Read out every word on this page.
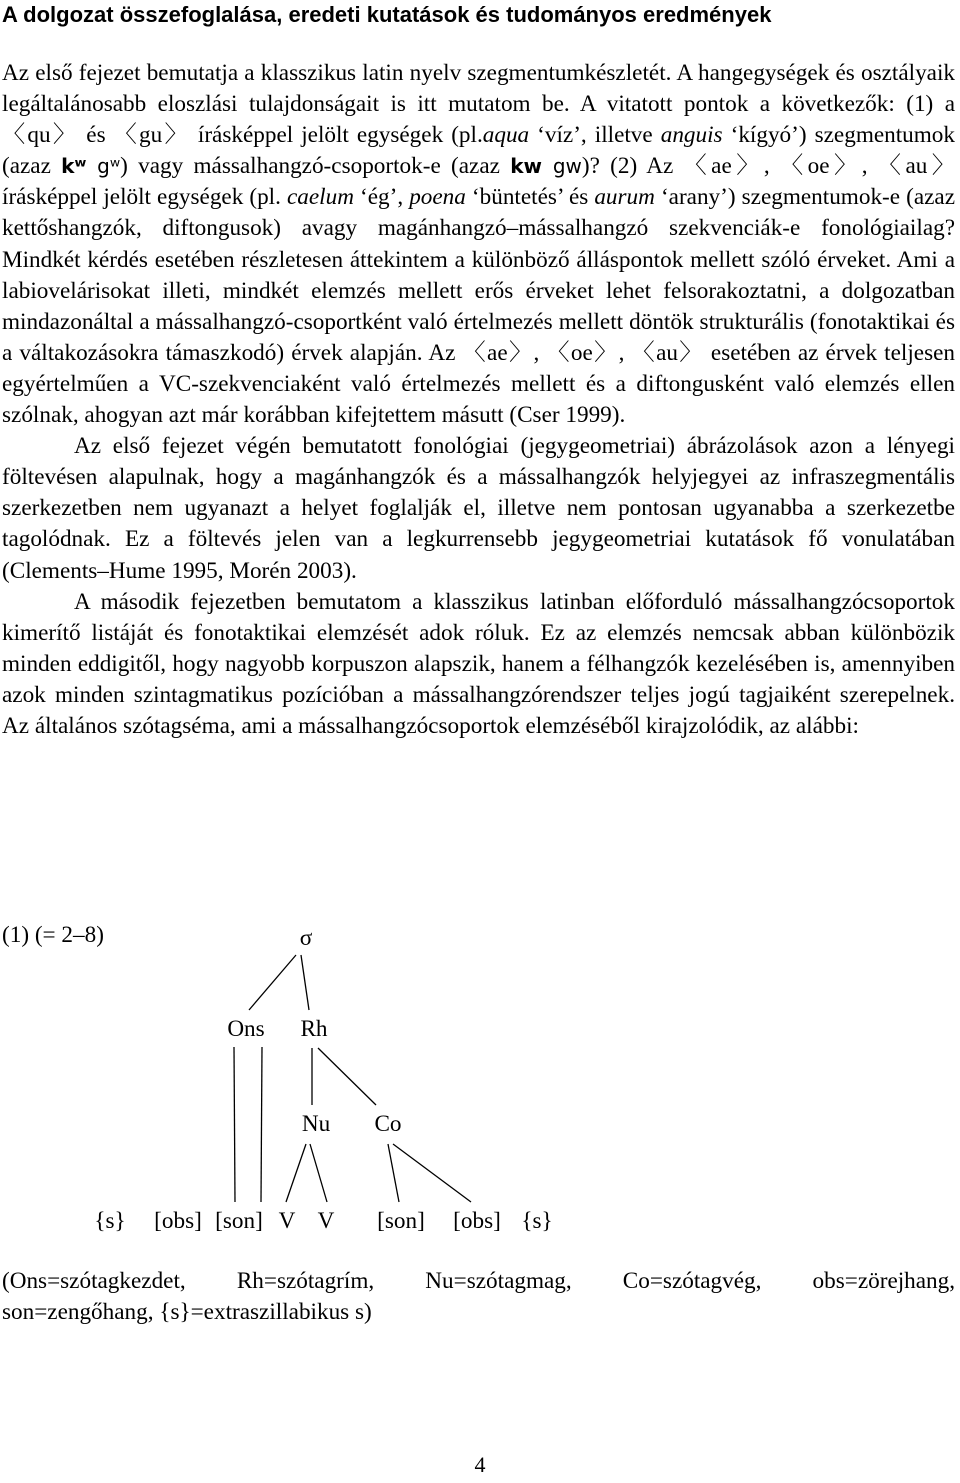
A dolgozat összefoglalása, eredeti kutatások és tudományos eredmények

Az első fejezet bemutatja a klasszikus latin nyelv szegmentumkészletét. A hangegységek és osztályaik legáltalánosabb eloszlási tulajdonságait is itt mutatom be. A vitatott pontok a következők: (1) a 〈qu〉 és 〈gu〉 írásképpel jelölt egységek (pl.aqua ‘víz’, illetve anguis ‘kígyó’) szegmentumok (azaz kʷ gʷ) vagy mássalhangzó-csoportok-e (azaz kw gw)? (2) Az 〈ae〉, 〈oe〉, 〈au〉 írásképpel jelölt egységek (pl. caelum ‘ég’, poena ‘büntetés’ és aurum ‘arany’) szegmentumok-e (azaz kettőshangzók, diftongusok) avagy magánhangzó–mássalhangzó szekvenciák-e fonológiailag? Mindkét kérdés esetében részletesen áttekintem a különböző álláspontok mellett szóló érveket. Ami a labiovelárisokat illeti, mindkét elemzés mellett erős érveket lehet felsorakoztatni, a dolgozatban mindazonáltal a mássalhangzó-csoportként való értelmezés mellett döntök strukturális (fonotaktikai és a váltakozásokra támaszkodó) érvek alapján. Az 〈ae〉, 〈oe〉, 〈au〉 esetében az érvek teljesen egyértelműen a VC-szekvenciaként való értelmezés mellett és a diftongusként való elemzés ellen szólnak, ahogyan azt már korábban kifejtettem másutt (Cser 1999).

Az első fejezet végén bemutatott fonológiai (jegygeometriai) ábrázolások azon a lényegi föltevésen alapulnak, hogy a magánhangzók és a mássalhangzók helyjegyei az infraszegmentális szerkezetben nem ugyanazt a helyet foglalják el, illetve nem pontosan ugyanabba a szerkezetbe tagolódnak. Ez a föltevés jelen van a legkurrensebb jegygeometriai kutatások fő vonulatában (Clements–Hume 1995, Morén 2003).

A második fejezetben bemutatom a klasszikus latinban előforduló mássalhangzócsoportok kimerítő listáját és fonotaktikai elemzését adok róluk. Ez az elemzés nemcsak abban különbözik minden eddigitől, hogy nagyobb korpuszon alapszik, hanem a félhangzók kezelésében is, amennyiben azok minden szintagmatikus pozícióban a mássalhangzórendszer teljes jogú tagjaiként szerepelnek. Az általános szótagséma, ami a mássalhangzócsoportok elemzéséből kirajzolódik, az alábbi:

(1) (= 2–8)	σ
Ons Rh
Nu Co
{s} [obs] [son] V V [son] [obs] {s}
(Ons=szótagkezdet, Rh=szótagrím, Nu=szótagmag, Co=szótagvég, obs=zörejhang, son=zengőhang, {s}=extraszillabikus s)
4
